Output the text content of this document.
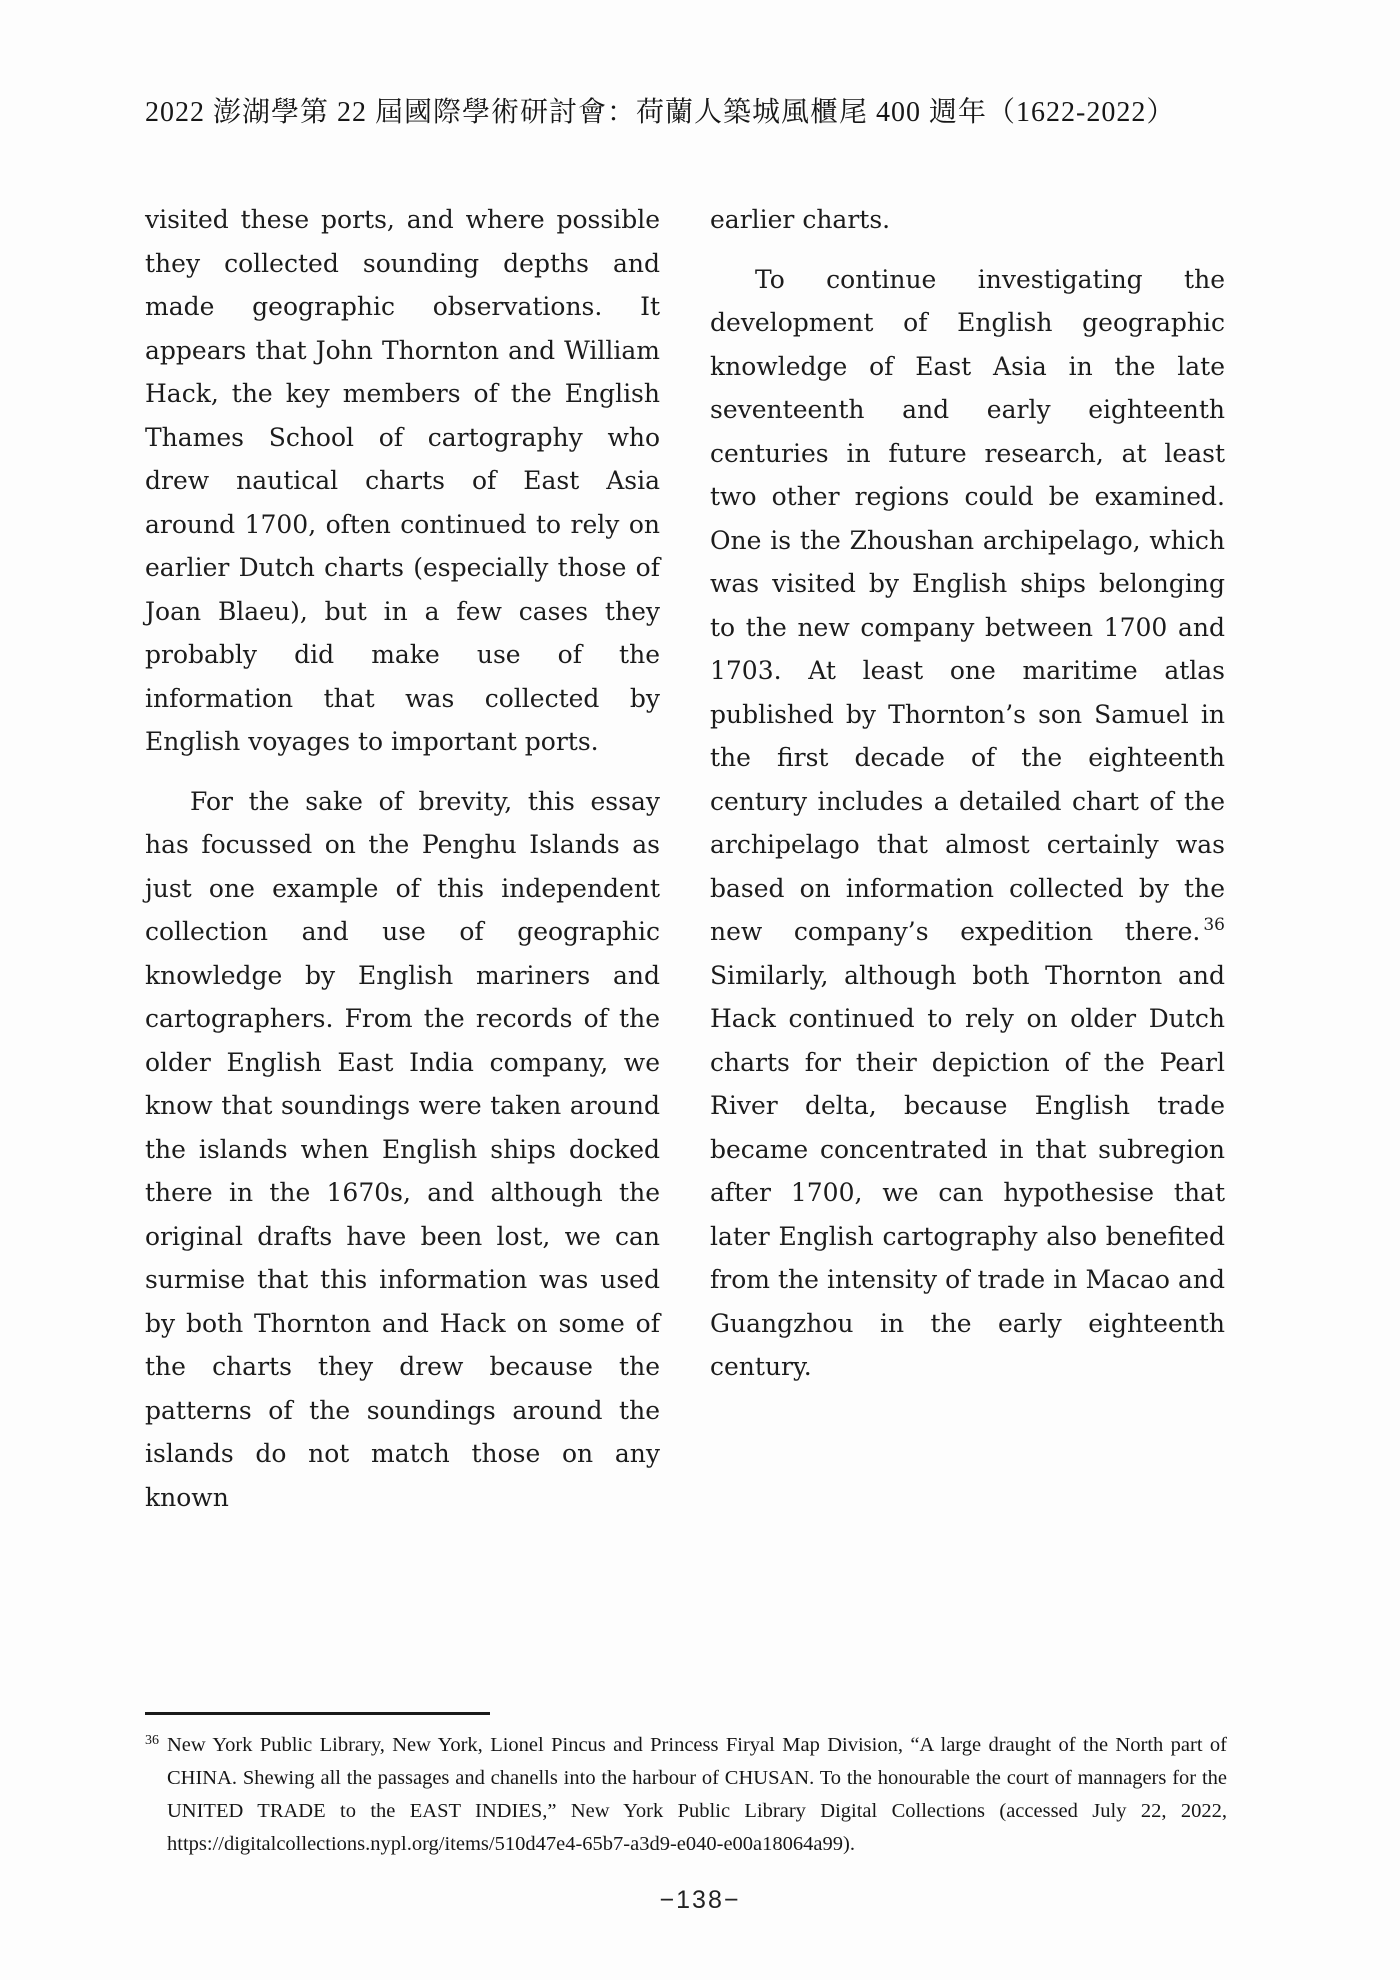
2022 澎湖學第 22 屆國際學術研討會：荷蘭人築城風櫃尾 400 週年（1622-2022）

visited these ports, and where possible they collected sounding depths and made geographic observations. It appears that John Thornton and William Hack, the key members of the English Thames School of cartography who drew nautical charts of East Asia around 1700, often continued to rely on earlier Dutch charts (especially those of Joan Blaeu), but in a few cases they probably did make use of the information that was collected by English voyages to important ports.

For the sake of brevity, this essay has focussed on the Penghu Islands as just one example of this independent collection and use of geographic knowledge by English mariners and cartographers. From the records of the older English East India company, we know that soundings were taken around the islands when English ships docked there in the 1670s, and although the original drafts have been lost, we can surmise that this information was used by both Thornton and Hack on some of the charts they drew because the patterns of the soundings around the islands do not match those on any known

earlier charts.

To continue investigating the development of English geographic knowledge of East Asia in the late seventeenth and early eighteenth centuries in future research, at least two other regions could be examined. One is the Zhoushan archipelago, which was visited by English ships belonging to the new company between 1700 and 1703. At least one maritime atlas published by Thornton’s son Samuel in the first decade of the eighteenth century includes a detailed chart of the archipelago that almost certainly was based on information collected by the new company’s expedition there. $^{36}$ Similarly, although both Thornton and Hack continued to rely on older Dutch charts for their depiction of the Pearl River delta, because English trade became concentrated in that subregion after 1700, we can hypothesise that later English cartography also benefited from the intensity of trade in Macao and Guangzhou in the early eighteenth century.

$^{36}$ New York Public Library, New York, Lionel Pincus and Princess Firyal Map Division, “A large draught of the North part of CHINA. Shewing all the passages and chanells into the harbour of CHUSAN. To the honourable the court of mannagers for the UNITED TRADE to the EAST INDIES,” New York Public Library Digital Collections (accessed July 22, 2022, https://digitalcollections.nypl.org/items/510d47e4-65b7-a3d9-e040-e00a18064a99).

−138−
